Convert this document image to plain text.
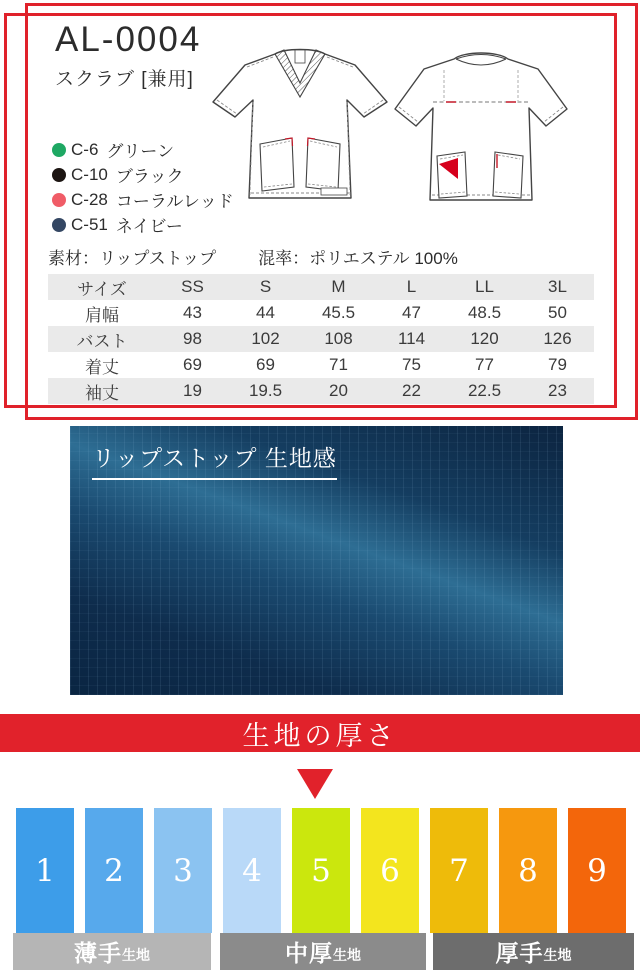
AL-0004
スクラブ [兼用]
C-6 グリーン
C-10 ブラック
C-28 コーラルレッド
C-51 ネイビー
素材：リップストップ 混率：ポリエステル 100%
サイズ	SS	S	M	L	LL	3L
肩幅	43	44	45.5	47	48.5	50
バスト	98	102	108	114	120	126
着丈	69	69	71	75	77	79
袖丈	19	19.5	20	22	22.5	23
リップストップ 生地感
生地の厚さ
1 2 3 4 5 6 7 8 9
薄手 生地	中厚 生地	厚手 生地
